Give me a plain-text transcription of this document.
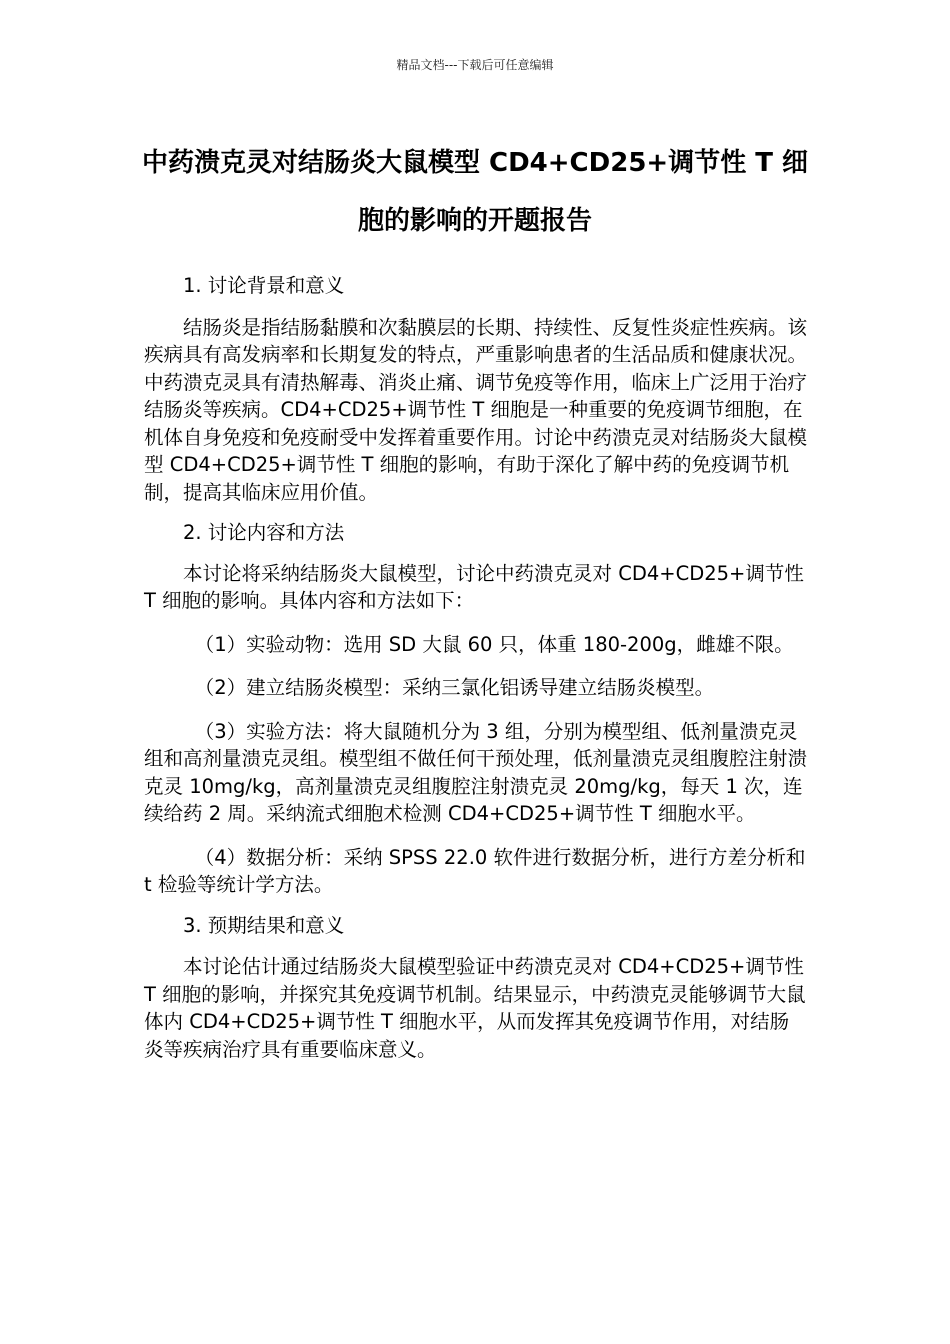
精品文档---下载后可任意编辑
中药溃克灵对结肠炎大鼠模型 CD4+CD25+调节性 T 细胞的影响的开题报告

1. 讨论背景和意义

结肠炎是指结肠黏膜和次黏膜层的长期、持续性、反复性炎症性疾病。该疾病具有高发病率和长期复发的特点，严重影响患者的生活品质和健康状况。中药溃克灵具有清热解毒、消炎止痛、调节免疫等作用，临床上广泛用于治疗结肠炎等疾病。CD4+CD25+调节性 T 细胞是一种重要的免疫调节细胞，在机体自身免疫和免疫耐受中发挥着重要作用。讨论中药溃克灵对结肠炎大鼠模型 CD4+CD25+调节性 T 细胞的影响，有助于深化了解中药的免疫调节机制，提高其临床应用价值。

2. 讨论内容和方法

本讨论将采纳结肠炎大鼠模型，讨论中药溃克灵对 CD4+CD25+调节性 T 细胞的影响。具体内容和方法如下：

（1）实验动物：选用 SD 大鼠 60 只，体重 180-200g，雌雄不限。

（2）建立结肠炎模型：采纳三氯化铝诱导建立结肠炎模型。

（3）实验方法：将大鼠随机分为 3 组，分别为模型组、低剂量溃克灵组和高剂量溃克灵组。模型组不做任何干预处理，低剂量溃克灵组腹腔注射溃克灵 10mg/kg，高剂量溃克灵组腹腔注射溃克灵 20mg/kg，每天 1 次，连续给药 2 周。采纳流式细胞术检测 CD4+CD25+调节性 T 细胞水平。

（4）数据分析：采纳 SPSS 22.0 软件进行数据分析，进行方差分析和 t 检验等统计学方法。

3. 预期结果和意义

本讨论估计通过结肠炎大鼠模型验证中药溃克灵对 CD4+CD25+调节性 T 细胞的影响，并探究其免疫调节机制。结果显示，中药溃克灵能够调节大鼠体内 CD4+CD25+调节性 T 细胞水平，从而发挥其免疫调节作用，对结肠炎等疾病治疗具有重要临床意义。
